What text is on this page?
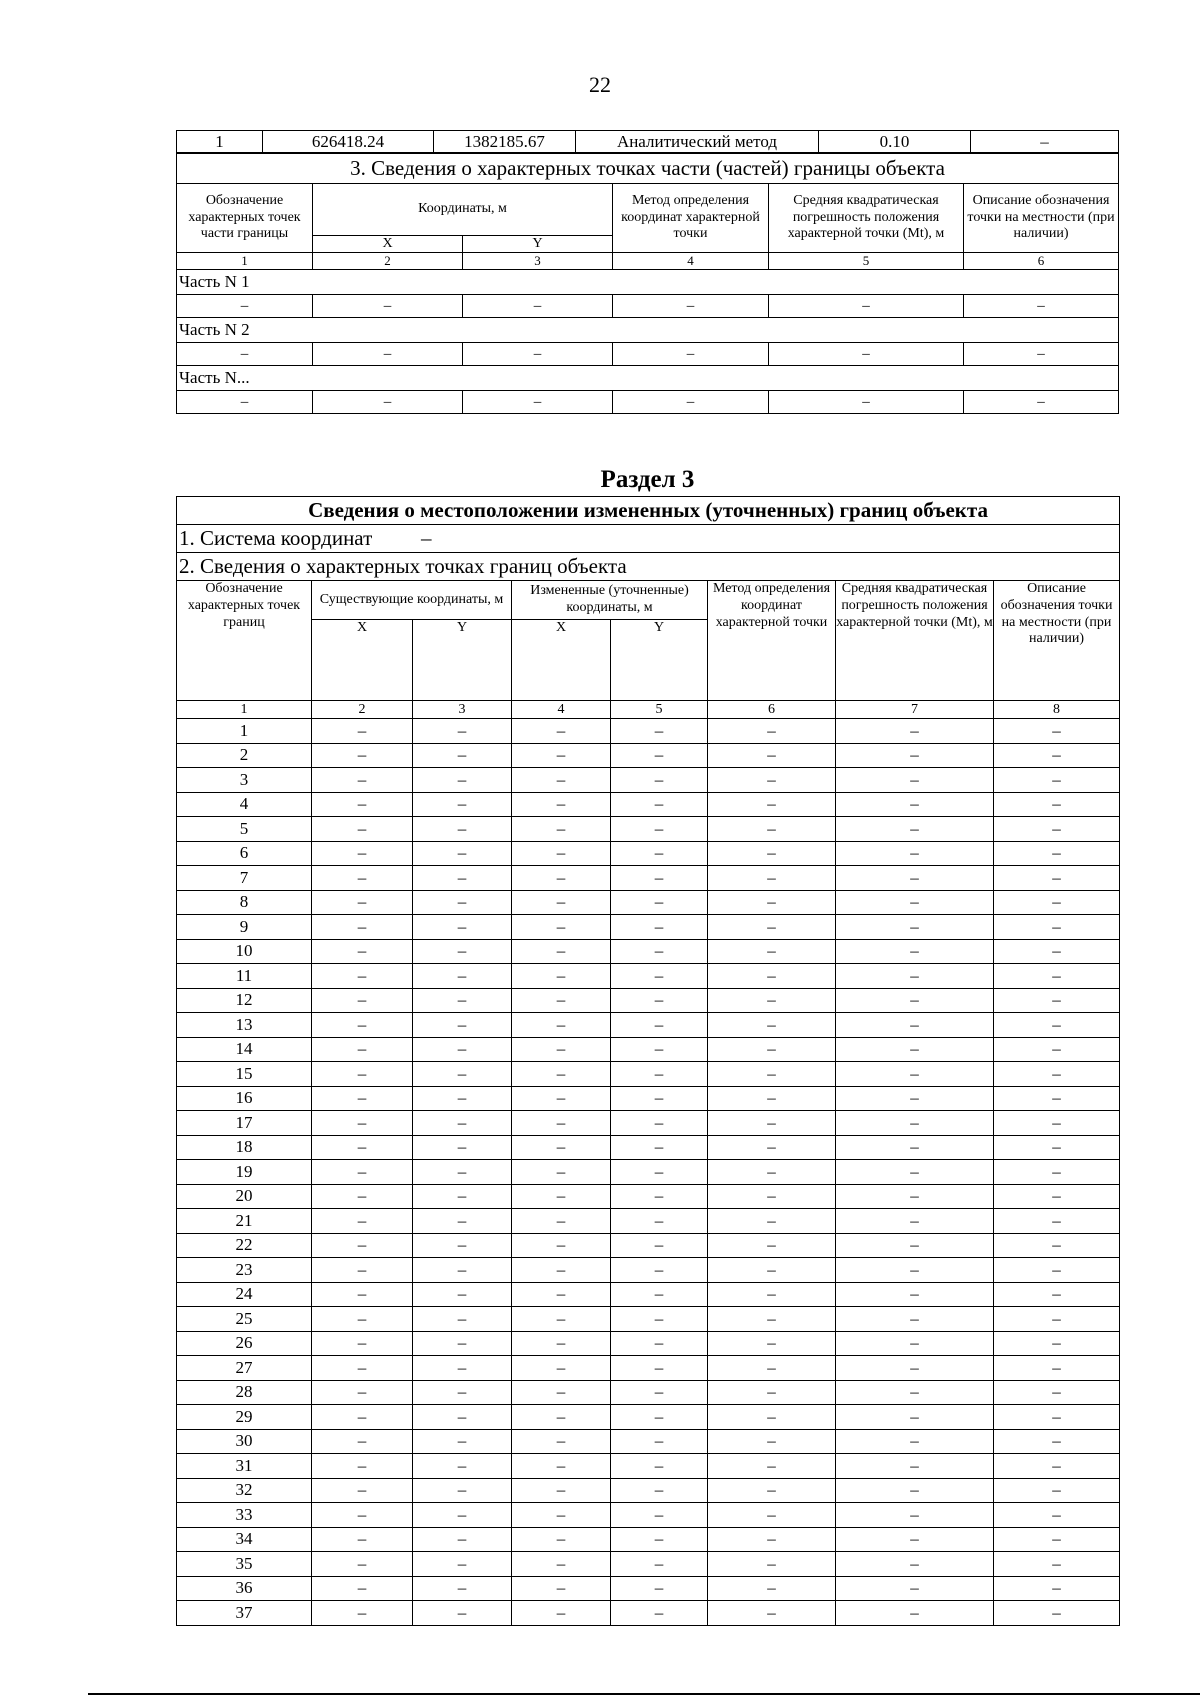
22
1	626418.24	1382185.67	Аналитический метод	0.10	–
3. Сведения о характерных точках части (частей) границы объекта					
Обозначение характерных точек части границы	Координаты, м		Метод определения координат характерной точки	Средняя квадратическая погрешность положения характерной точки (Mt), м	Описание обозначения точки на местности (при наличии)
	X	Y			
1	2	3	4	5	6
Часть N 1					
–	–	–	–	–	–
Часть N 2					
–	–	–	–	–	–
Часть N...					
–	–	–	–	–	–
Раздел 3
Сведения о местоположении измененных (уточненных) границ объекта							
1. Система координат –							
2. Сведения о характерных точках границ объекта							
Обозначение характерных точек границ	Существующие координаты, м		Измененные (уточненные) координаты, м		Метод определения координат характерной точки	Средняя квадратическая погрешность положения характерной точки (Mt), м	Описание обозначения точки на местности (при наличии)
	X	Y	X	Y			
1	2	3	4	5	6	7	8
1	–	–	–	–	–	–	–
2	–	–	–	–	–	–	–
3	–	–	–	–	–	–	–
4	–	–	–	–	–	–	–
5	–	–	–	–	–	–	–
6	–	–	–	–	–	–	–
7	–	–	–	–	–	–	–
8	–	–	–	–	–	–	–
9	–	–	–	–	–	–	–
10	–	–	–	–	–	–	–
11	–	–	–	–	–	–	–
12	–	–	–	–	–	–	–
13	–	–	–	–	–	–	–
14	–	–	–	–	–	–	–
15	–	–	–	–	–	–	–
16	–	–	–	–	–	–	–
17	–	–	–	–	–	–	–
18	–	–	–	–	–	–	–
19	–	–	–	–	–	–	–
20	–	–	–	–	–	–	–
21	–	–	–	–	–	–	–
22	–	–	–	–	–	–	–
23	–	–	–	–	–	–	–
24	–	–	–	–	–	–	–
25	–	–	–	–	–	–	–
26	–	–	–	–	–	–	–
27	–	–	–	–	–	–	–
28	–	–	–	–	–	–	–
29	–	–	–	–	–	–	–
30	–	–	–	–	–	–	–
31	–	–	–	–	–	–	–
32	–	–	–	–	–	–	–
33	–	–	–	–	–	–	–
34	–	–	–	–	–	–	–
35	–	–	–	–	–	–	–
36	–	–	–	–	–	–	–
37	–	–	–	–	–	–	–
